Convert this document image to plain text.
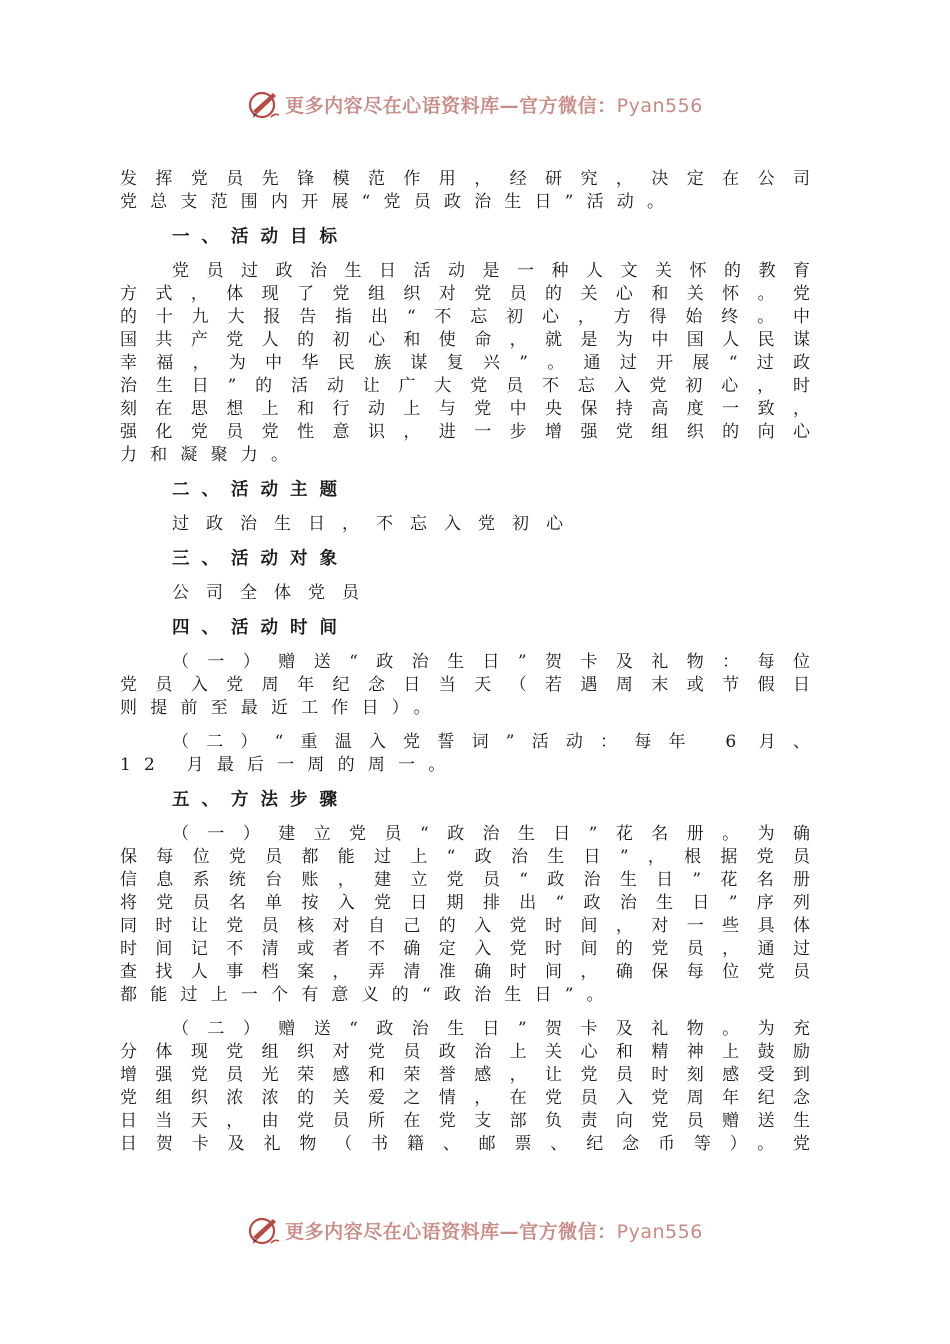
更多内容尽在心语资料库—官方微信：Pyan556
发挥党员先锋模范作用，经研究，决定在公司
党总支范围内开展“党员政治生日”活动。
一、活动目标
党员过政治生日活动是一种人文关怀的教育
方式，体现了党组织对党员的关心和关怀。党
的十九大报告指出“不忘初心，方得始终。中
国共产党人的初心和使命，就是为中国人民谋
幸福，为中华民族谋复兴”。通过开展“过政
治生日”的活动让广大党员不忘入党初心，时
刻在思想上和行动上与党中央保持高度一致，
强化党员党性意识，进一步增强党组织的向心
力和凝聚力。
二、活动主题
过政治生日，不忘入党初心
三、活动对象
公司全体党员
四、活动时间
（一）赠送“政治生日”贺卡及礼物：每位
党员入党周年纪念日当天（若遇周末或节假日
则提前至最近工作日）。
（二）“重温入党誓词”活动：每年 6 月、
12 月最后一周的周一。
五、方法步骤
（一）建立党员“政治生日”花名册。为确
保每位党员都能过上“政治生日”，根据党员
信息系统台账，建立党员“政治生日”花名册
将党员名单按入党日期排出“政治生日”序列
同时让党员核对自己的入党时间，对一些具体
时间记不清或者不确定入党时间的党员，通过
查找人事档案，弄清准确时间，确保每位党员
都能过上一个有意义的“政治生日”。
（二）赠送“政治生日”贺卡及礼物。为充
分体现党组织对党员政治上关心和精神上鼓励
增强党员光荣感和荣誉感，让党员时刻感受到
党组织浓浓的关爱之情，在党员入党周年纪念
日当天，由党员所在党支部负责向党员赠送生
日贺卡及礼物（书籍、邮票、纪念币等）。党
更多内容尽在心语资料库—官方微信：Pyan556
